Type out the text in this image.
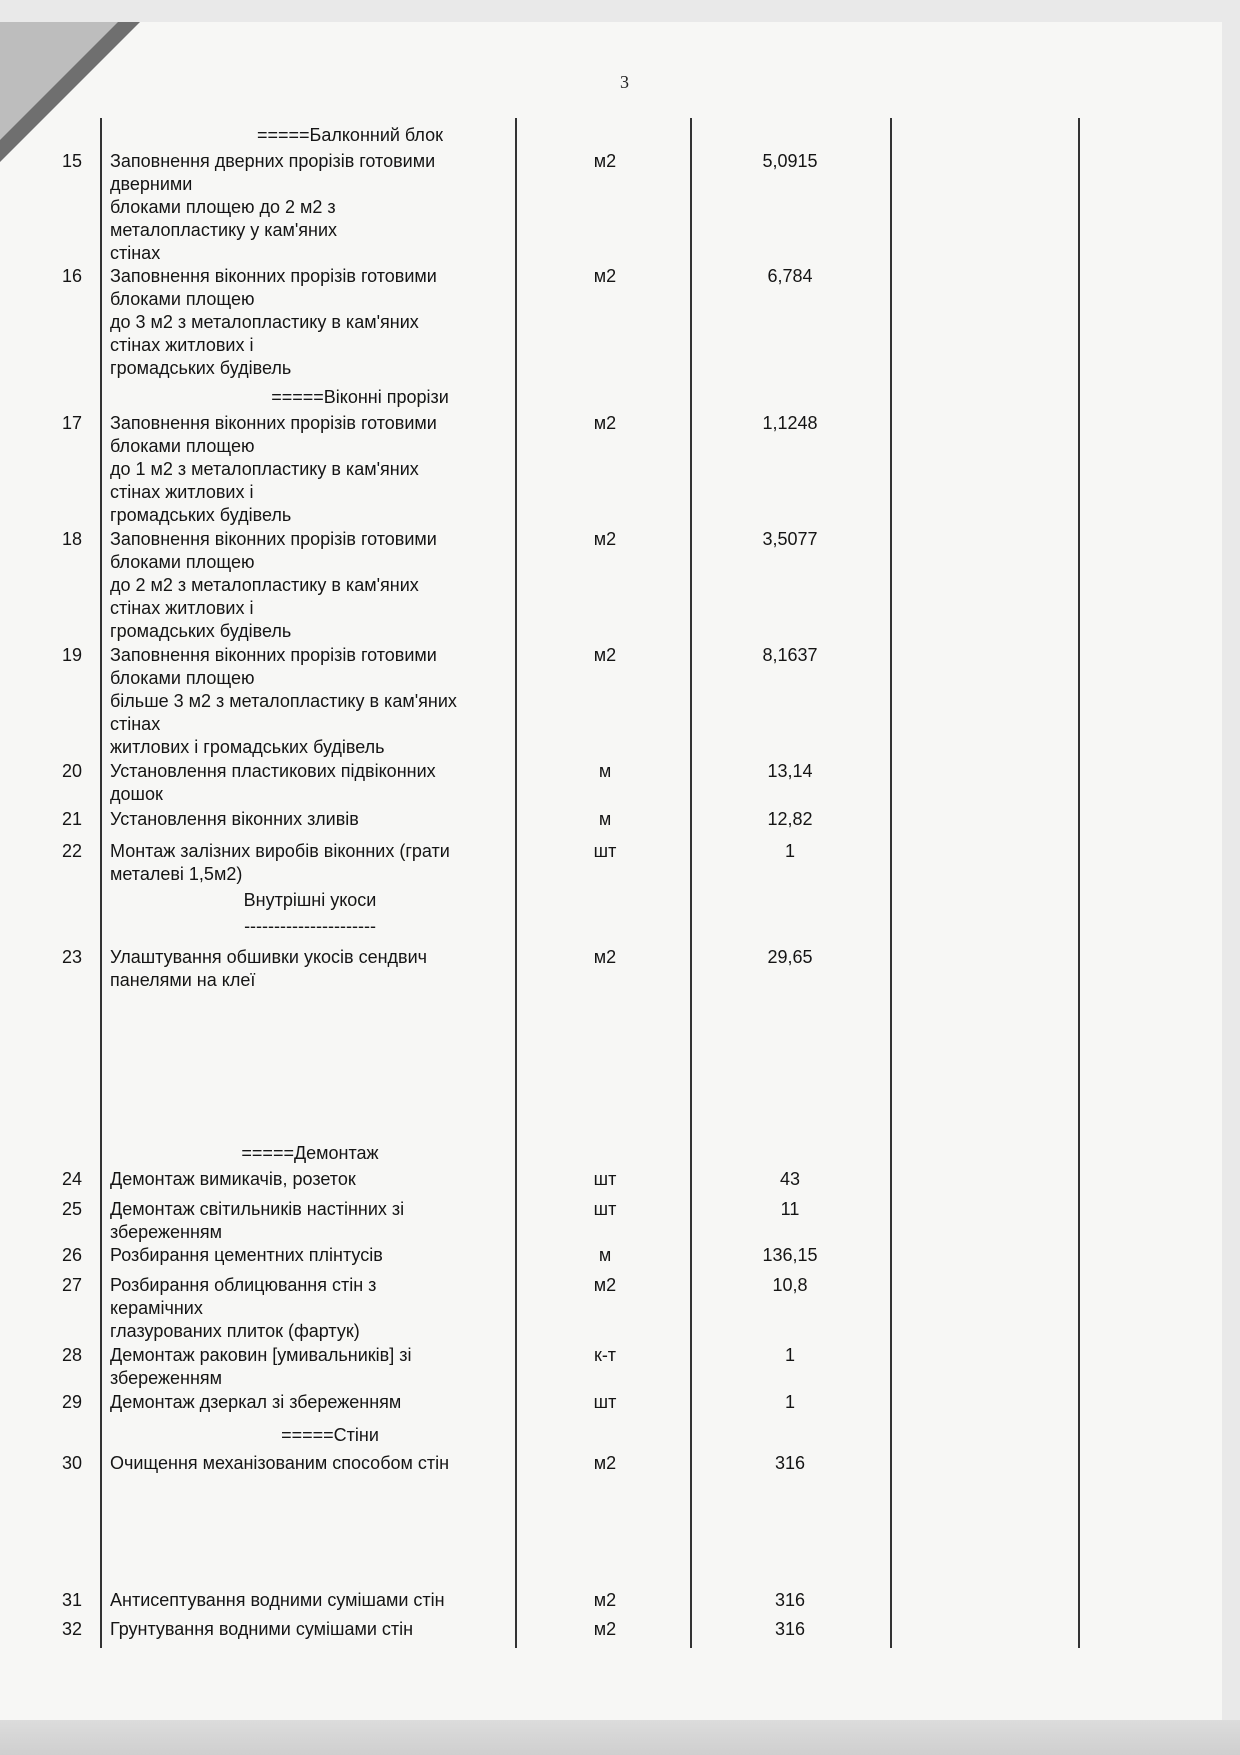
3
=====Балконний блок
=====Віконні прорізи
Внутрішні укоси
----------------------
=====Демонтаж
=====Стіни
15	Заповнення дверних прорізів готовими
дверними
блоками площею до 2 м2 з
металопластику у кам'яних
стінах
м2	5,0915
16	Заповнення віконних прорізів готовими
блоками площею
до 3 м2 з металопластику в кам'яних
стінах житлових і
громадських будівель
м2	6,784
17	Заповнення віконних прорізів готовими
блоками площею
до 1 м2 з металопластику в кам'яних
стінах житлових і
громадських будівель
м2	1,1248
18	Заповнення віконних прорізів готовими
блоками площею
до 2 м2 з металопластику в кам'яних
стінах житлових і
громадських будівель
м2	3,5077
19	Заповнення віконних прорізів готовими
блоками площею
більше 3 м2 з металопластику в кам'яних
стінах
житлових і громадських будівель
м2	8,1637
20	Установлення пластикових підвіконних
дошок
м	13,14
21	Установлення віконних зливів	м	12,82
22	Монтаж залізних виробів віконних (грати
металеві 1,5м2)
шт	1
23	Улаштування обшивки укосів сендвич
панелями на клеї
м2	29,65
24	Демонтаж вимикачів, розеток	шт	43
25	Демонтаж світильників настінних зі
збереженням
шт	11
26	Розбирання цементних плінтусів	м	136,15
27	Розбирання облицювання стін з
керамічних
глазурованих плиток (фартук)
м2	10,8
28	Демонтаж раковин [умивальників] зі
збереженням
к-т	1
29	Демонтаж дзеркал зі збереженням	шт	1
30	Очищення механізованим способом стін	м2	316
31	Антисептування водними сумішами стін	м2	316
32	Грунтування водними сумішами стін	м2	316
